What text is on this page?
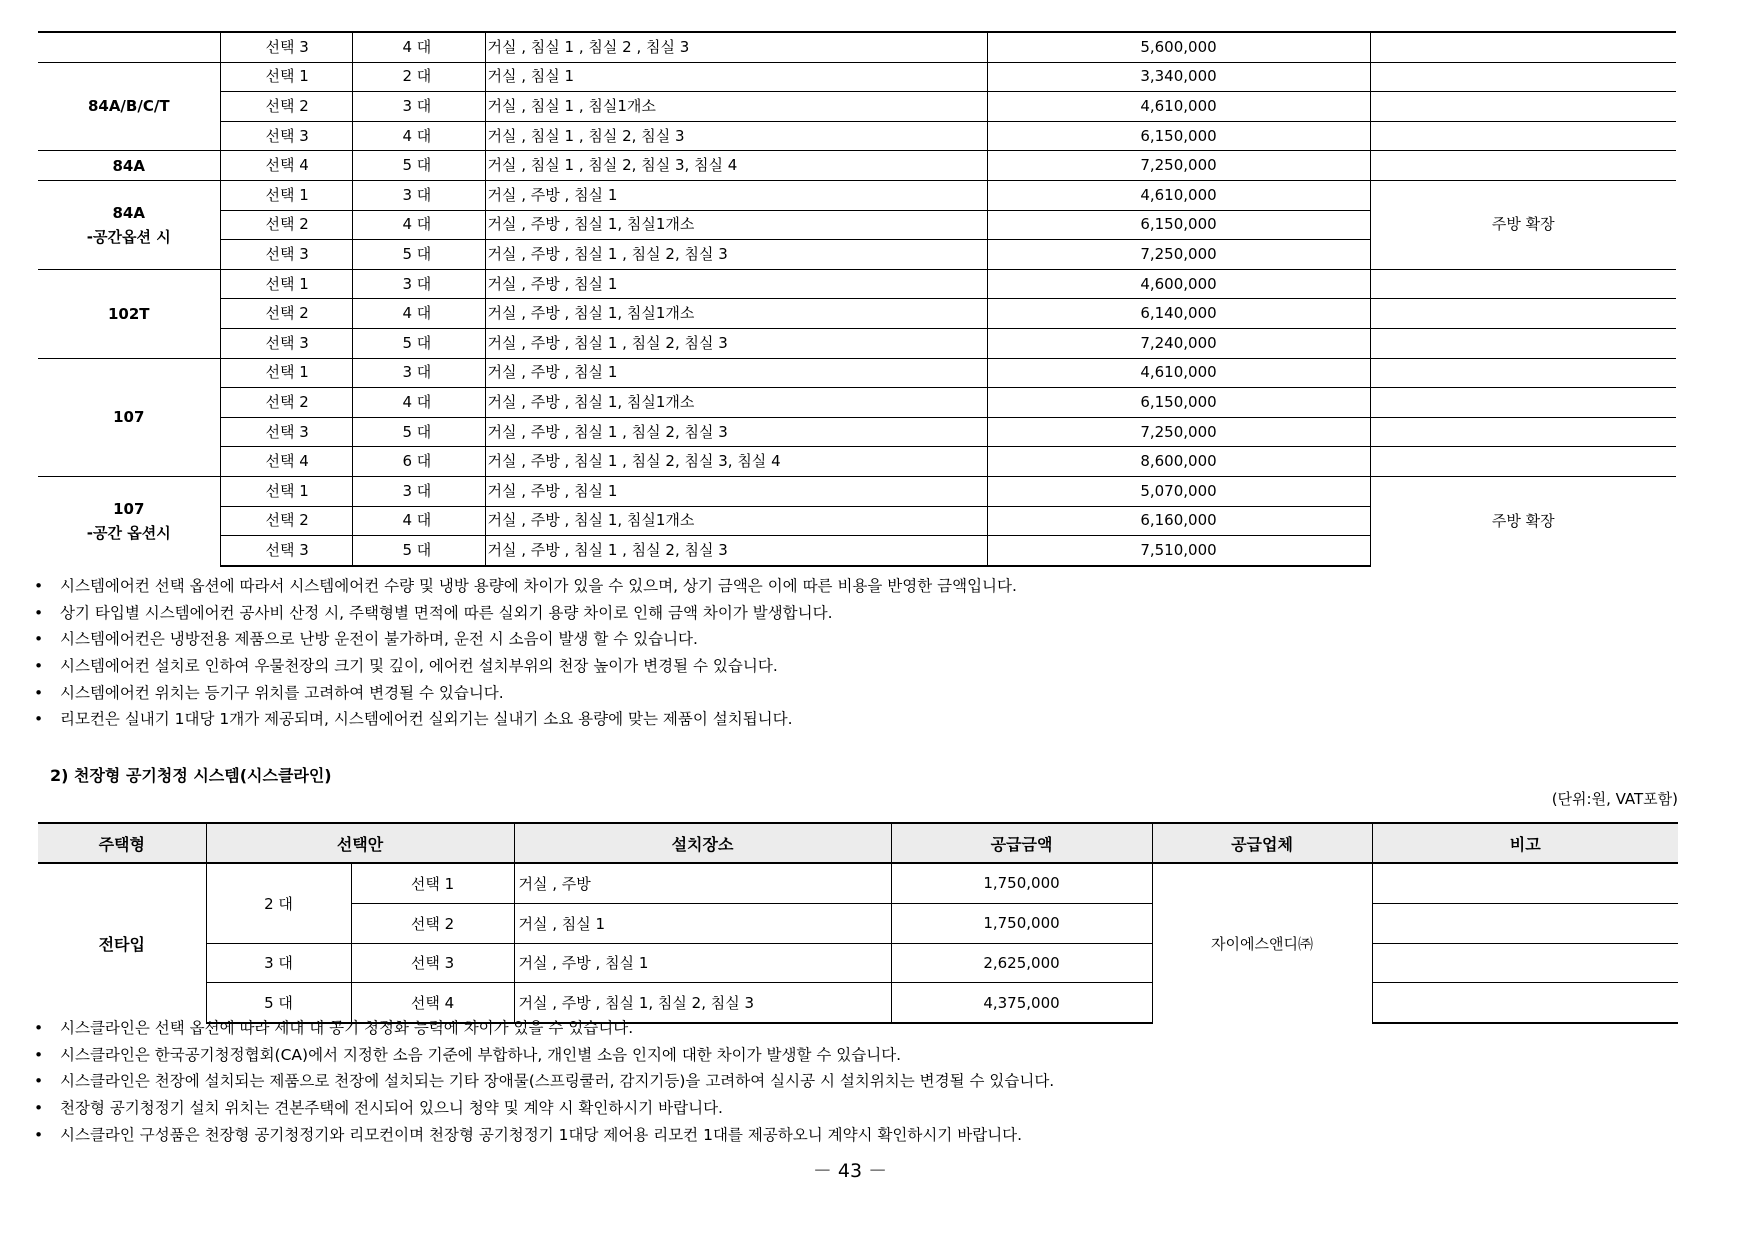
	선택 3	4 대	거실 , 침실 1 , 침실 2 , 침실 3	5,600,000	
84A/B/C/T	선택 1	2 대	거실 , 침실 1	3,340,000	
	선택 2	3 대	거실 , 침실 1 , 침실1개소	4,610,000	
	선택 3	4 대	거실 , 침실 1 , 침실 2, 침실 3	6,150,000	
84A	선택 4	5 대	거실 , 침실 1 , 침실 2, 침실 3, 침실 4	7,250,000	
84A
-공간옵션 시	선택 1	3 대	거실 , 주방 , 침실 1	4,610,000	주방 확장
	선택 2	4 대	거실 , 주방 , 침실 1, 침실1개소	6,150,000	
	선택 3	5 대	거실 , 주방 , 침실 1 , 침실 2, 침실 3	7,250,000	
102T	선택 1	3 대	거실 , 주방 , 침실 1	4,600,000	
	선택 2	4 대	거실 , 주방 , 침실 1, 침실1개소	6,140,000	
	선택 3	5 대	거실 , 주방 , 침실 1 , 침실 2, 침실 3	7,240,000	
107	선택 1	3 대	거실 , 주방 , 침실 1	4,610,000	
	선택 2	4 대	거실 , 주방 , 침실 1, 침실1개소	6,150,000	
	선택 3	5 대	거실 , 주방 , 침실 1 , 침실 2, 침실 3	7,250,000	
	선택 4	6 대	거실 , 주방 , 침실 1 , 침실 2, 침실 3, 침실 4	8,600,000	
107
-공간 옵션시	선택 1	3 대	거실 , 주방 , 침실 1	5,070,000	주방 확장
	선택 2	4 대	거실 , 주방 , 침실 1, 침실1개소	6,160,000	
	선택 3	5 대	거실 , 주방 , 침실 1 , 침실 2, 침실 3	7,510,000	
• 시스템에어컨 선택 옵션에 따라서 시스템에어컨 수량 및 냉방 용량에 차이가 있을 수 있으며, 상기 금액은 이에 따른 비용을 반영한 금액입니다.
• 상기 타입별 시스템에어컨 공사비 산정 시, 주택형별 면적에 따른 실외기 용량 차이로 인해 금액 차이가 발생합니다.
• 시스템에어컨은 냉방전용 제품으로 난방 운전이 불가하며, 운전 시 소음이 발생 할 수 있습니다.
• 시스템에어컨 설치로 인하여 우물천장의 크기 및 깊이, 에어컨 설치부위의 천장 높이가 변경될 수 있습니다.
• 시스템에어컨 위치는 등기구 위치를 고려하여 변경될 수 있습니다.
• 리모컨은 실내기 1대당 1개가 제공되며, 시스템에어컨 실외기는 실내기 소요 용량에 맞는 제품이 설치됩니다.
2) 천장형 공기청정 시스템(시스클라인)
(단위:원, VAT포함)
주택형	선택안		설치장소	공급금액	공급업체	비고
전타입	2 대	선택 1	거실 , 주방	1,750,000	자이에스앤디㈜	
		선택 2	거실 , 침실 1	1,750,000		
	3 대	선택 3	거실 , 주방 , 침실 1	2,625,000		
	5 대	선택 4	거실 , 주방 , 침실 1, 침실 2, 침실 3	4,375,000		
• 시스클라인은 선택 옵션에 따라 세대 내 공기 청정화 능력에 차이가 있을 수 있습니다.
• 시스클라인은 한국공기청정협회(CA)에서 지정한 소음 기준에 부합하나, 개인별 소음 인지에 대한 차이가 발생할 수 있습니다.
• 시스클라인은 천장에 설치되는 제품으로 천장에 설치되는 기타 장애물(스프링쿨러, 감지기등)을 고려하여 실시공 시 설치위치는 변경될 수 있습니다.
• 천장형 공기청정기 설치 위치는 견본주택에 전시되어 있으니 청약 및 계약 시 확인하시기 바랍니다.
• 시스클라인 구성품은 천장형 공기청정기와 리모컨이며 천장형 공기청정기 1대당 제어용 리모컨 1대를 제공하오니 계약시 확인하시기 바랍니다.
－ 43 －
